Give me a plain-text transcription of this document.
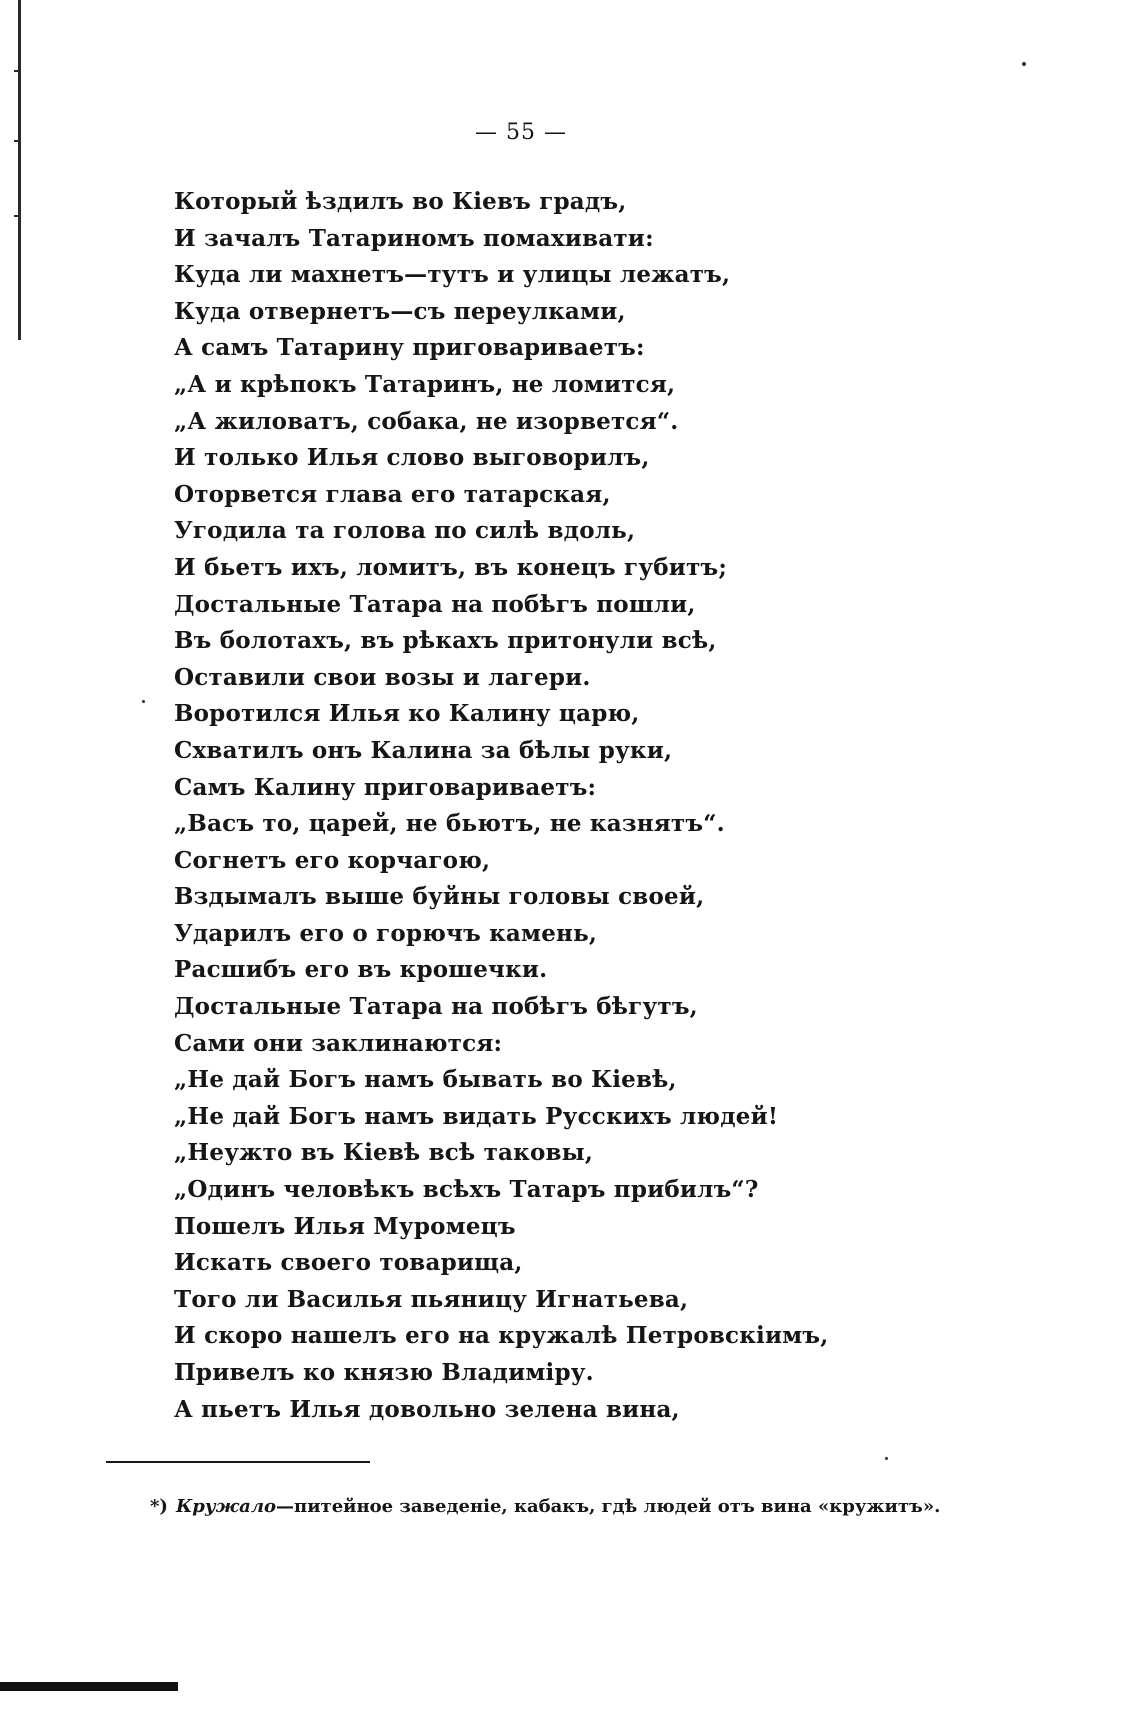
— 55 —
Который ѣздилъ во Кіевъ градъ,
И зачалъ Татариномъ помахивати:
Куда ли махнетъ—тутъ и улицы лежатъ,
Куда отвернетъ—съ переулками,
А самъ Татарину приговариваетъ:
„А и крѣпокъ Татаринъ, не ломится,
„А жиловатъ, собака, не изорвется“.
И только Илья слово выговорилъ,
Оторвется глава его татарская,
Угодила та голова по силѣ вдоль,
И бьетъ ихъ, ломитъ, въ конецъ губитъ;
Достальные Татара на побѣгъ пошли,
Въ болотахъ, въ рѣкахъ притонули всѣ,
Оставили свои возы и лагери.
Воротился Илья ко Калину царю,
Схватилъ онъ Калина за бѣлы руки,
Самъ Калину приговариваетъ:
„Васъ то, царей, не бьютъ, не казнятъ“.
Согнетъ его корчагою,
Вздымалъ выше буйны головы своей,
Ударилъ его о горючъ камень,
Расшибъ его въ крошечки.
Достальные Татара на побѣгъ бѣгутъ,
Сами они заклинаются:
„Не дай Богъ намъ бывать во Кіевѣ,
„Не дай Богъ намъ видать Русскихъ людей!
„Неужто въ Кіевѣ всѣ таковы,
„Одинъ человѣкъ всѣхъ Татаръ прибилъ“?
Пошелъ Илья Муромецъ
Искать своего товарища,
Того ли Василья пьяницу Игнатьева,
И скоро нашелъ его на кружалѣ Петровскіимъ,
Привелъ ко князю Владиміру.
А пьетъ Илья довольно зелена вина,
*) Кружало—питейное заведеніе, кабакъ, гдѣ людей отъ вина «кружитъ».
